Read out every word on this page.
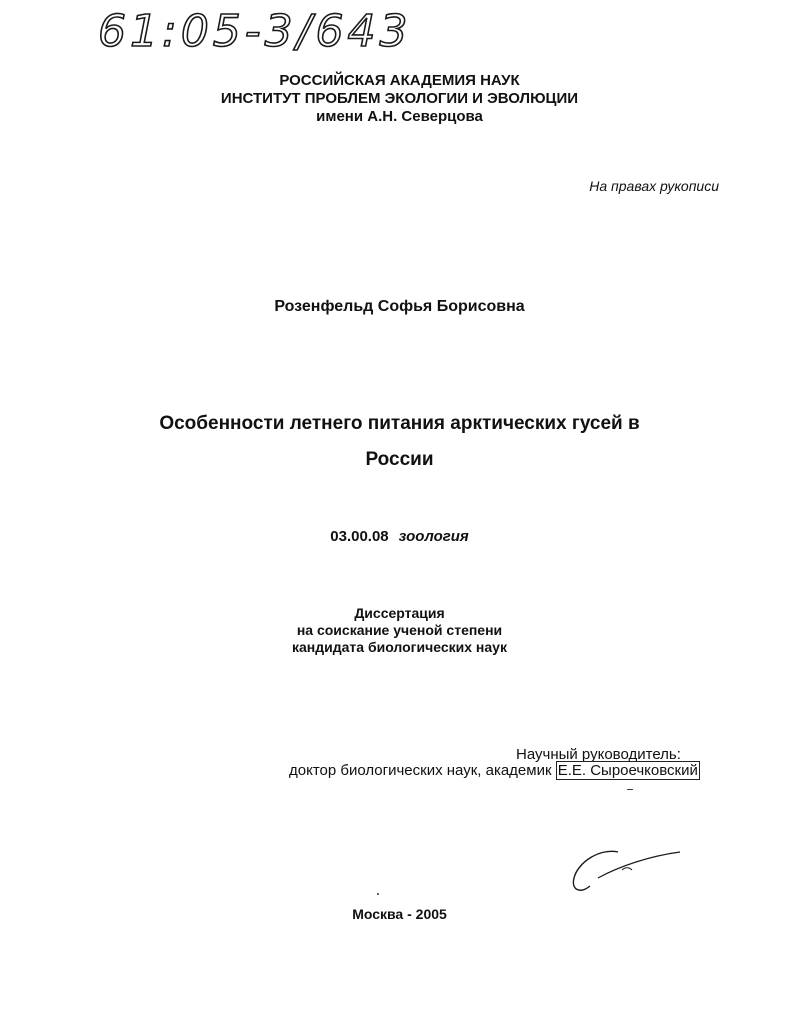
61:05-3/643
РОССИЙСКАЯ АКАДЕМИЯ НАУК
ИНСТИТУТ ПРОБЛЕМ ЭКОЛОГИИ И ЭВОЛЮЦИИ
имени А.Н. Северцова
На правах рукописи
Розенфельд Софья Борисовна
Особенности летнего питания арктических гусей в
России
03.00.08 зоология
Диссертация
на соискание ученой степени
кандидата биологических наук
Научный руководитель:
доктор биологических наук, академик Е.Е. Сыроечковский
Москва - 2005
